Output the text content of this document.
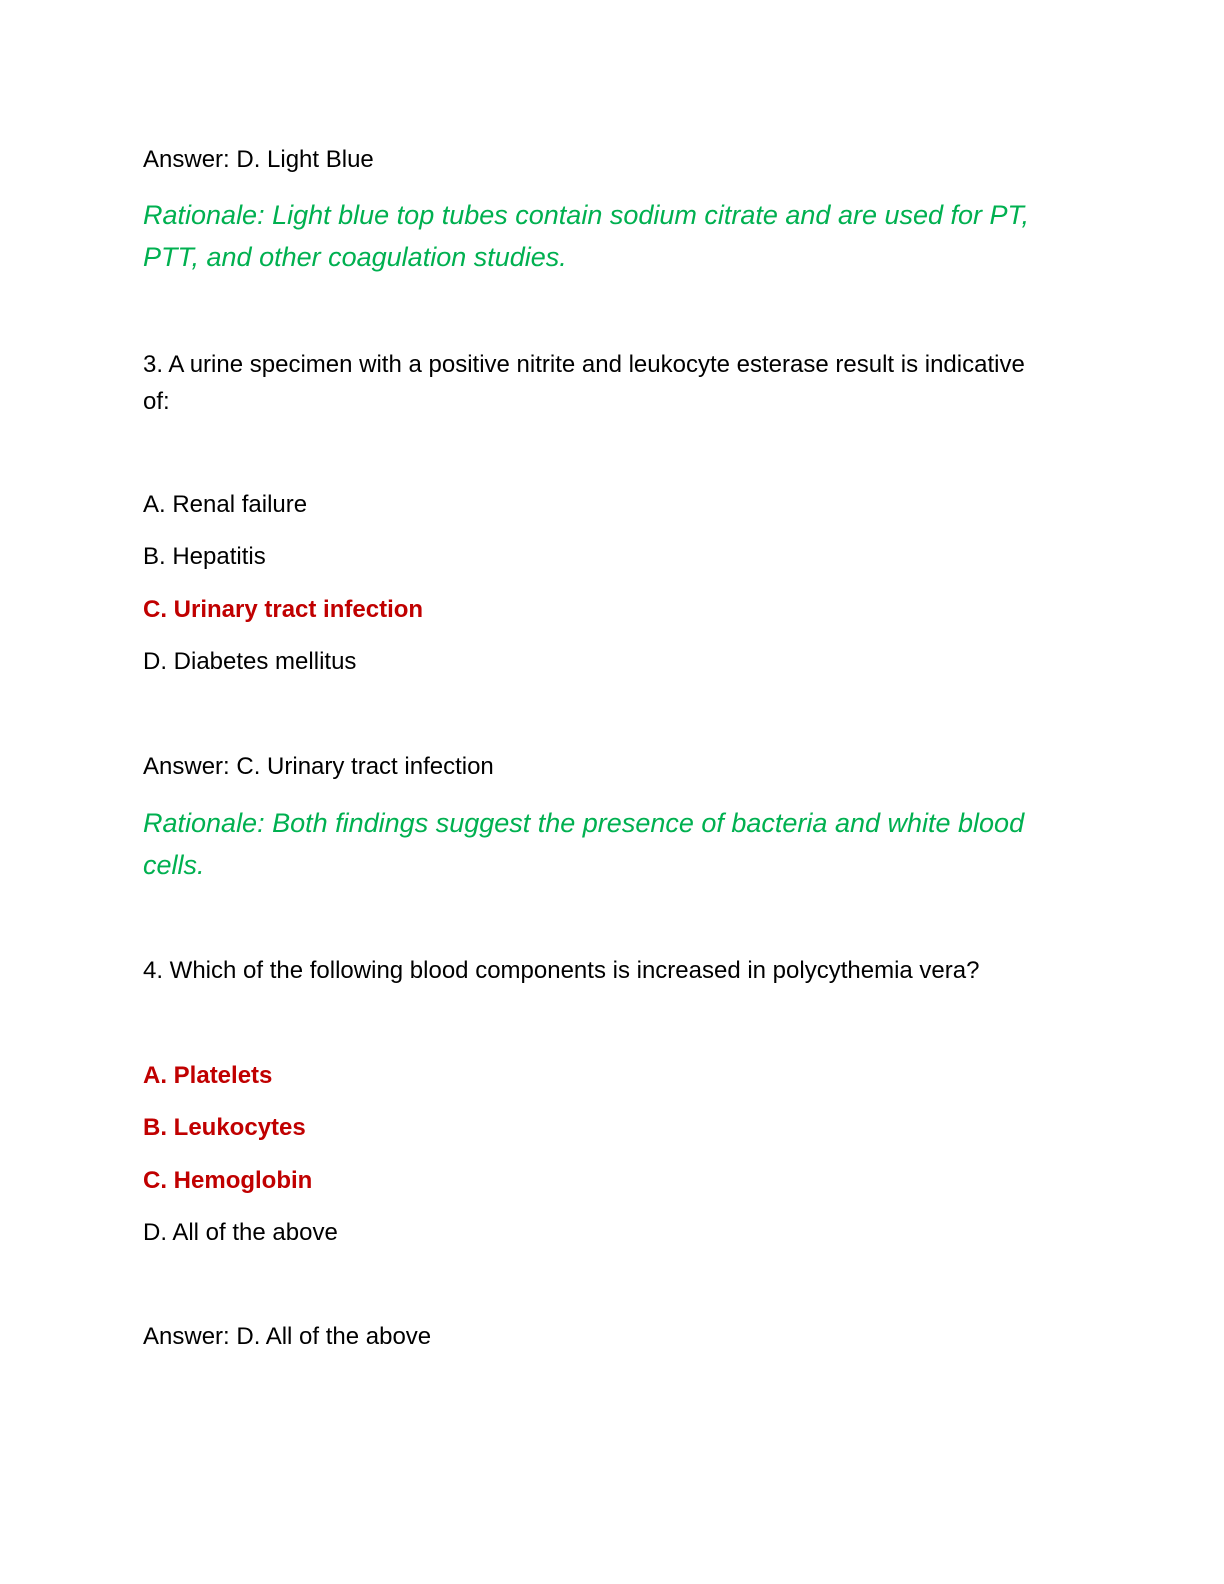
Answer: D. Light Blue
Rationale: Light blue top tubes contain sodium citrate and are used for PT, PTT, and other coagulation studies.
3. A urine specimen with a positive nitrite and leukocyte esterase result is indicative of:
A. Renal failure
B. Hepatitis
C. Urinary tract infection
D. Diabetes mellitus
Answer: C. Urinary tract infection
Rationale: Both findings suggest the presence of bacteria and white blood cells.
4. Which of the following blood components is increased in polycythemia vera?
A. Platelets
B. Leukocytes
C. Hemoglobin
D. All of the above
Answer: D. All of the above
